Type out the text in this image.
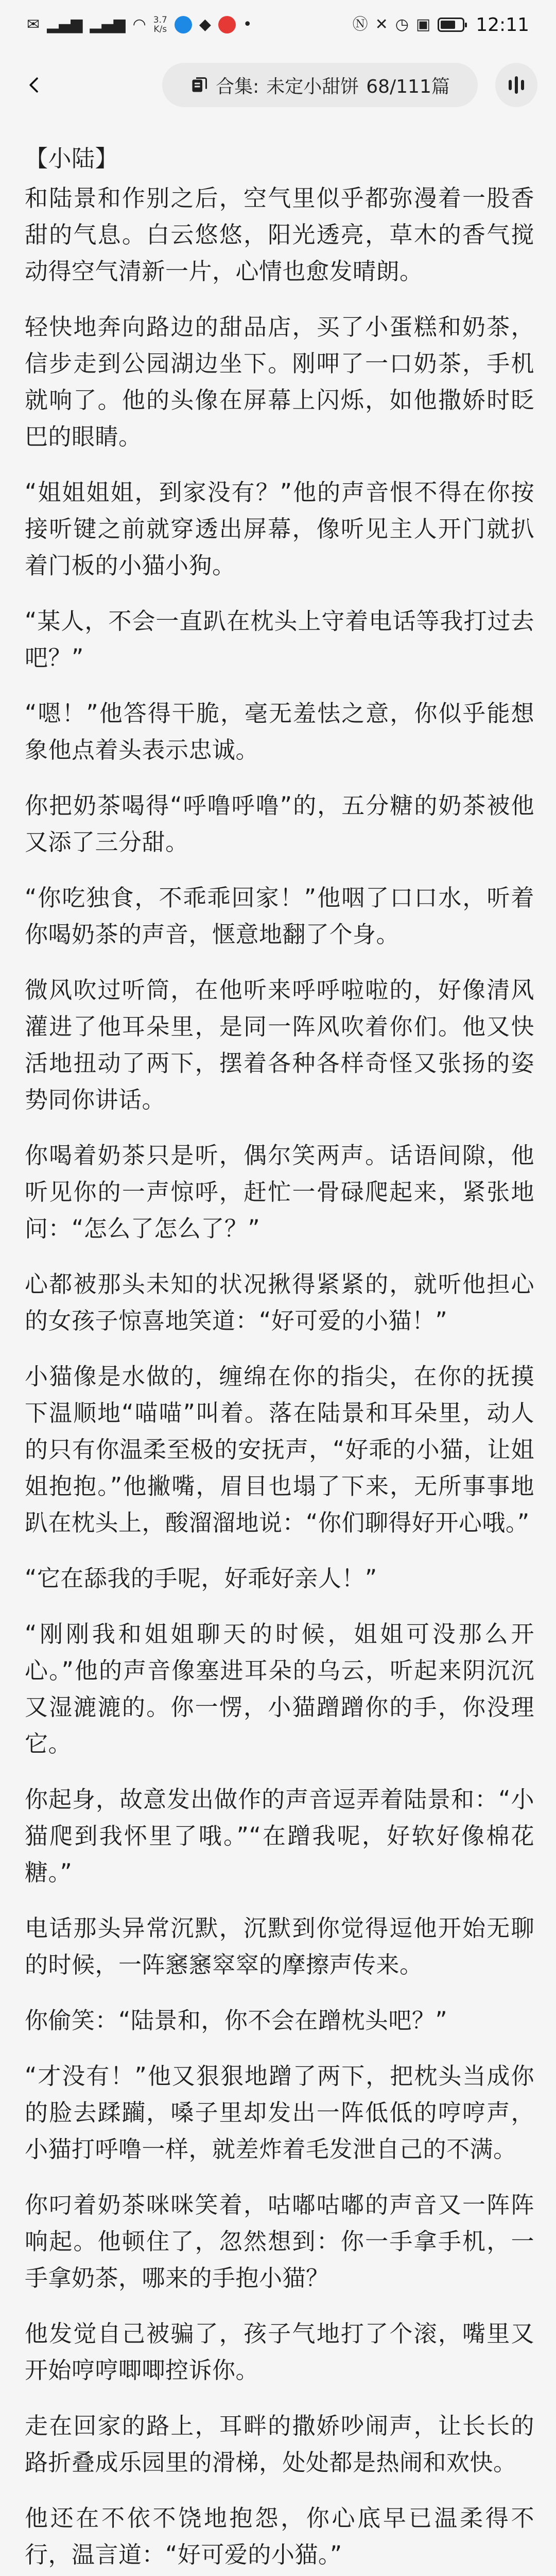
✉ ▂▄▆ ▂▄▆ ◠ 3.7
K/s ◆ •	Ⓝ ✕ ◷ ▣ 12:11
合集: 未定小甜饼 68/111篇
【小陆】

和陆景和作别之后，空气里似乎都弥漫着一股香甜的气息。白云悠悠，阳光透亮，草木的香气搅动得空气清新一片，心情也愈发晴朗。

轻快地奔向路边的甜品店，买了小蛋糕和奶茶，信步走到公园湖边坐下。刚呷了一口奶茶，手机就响了。他的头像在屏幕上闪烁，如他撒娇时眨巴的眼睛。

“姐姐姐姐，到家没有？”他的声音恨不得在你按接听键之前就穿透出屏幕，像听见主人开门就扒着门板的小猫小狗。

“某人，不会一直趴在枕头上守着电话等我打过去吧？”

“嗯！”他答得干脆，毫无羞怯之意，你似乎能想象他点着头表示忠诚。

你把奶茶喝得“呼噜呼噜”的，五分糖的奶茶被他又添了三分甜。

“你吃独食，不乖乖回家！”他咽了口口水，听着你喝奶茶的声音，惬意地翻了个身。

微风吹过听筒，在他听来呼呼啦啦的，好像清风灌进了他耳朵里，是同一阵风吹着你们。他又快活地扭动了两下，摆着各种各样奇怪又张扬的姿势同你讲话。

你喝着奶茶只是听，偶尔笑两声。话语间隙，他听见你的一声惊呼，赶忙一骨碌爬起来，紧张地问：“怎么了怎么了？”

心都被那头未知的状况揪得紧紧的，就听他担心的女孩子惊喜地笑道：“好可爱的小猫！”

小猫像是水做的，缠绵在你的指尖，在你的抚摸下温顺地“喵喵”叫着。落在陆景和耳朵里，动人的只有你温柔至极的安抚声，“好乖的小猫，让姐姐抱抱。”他撇嘴，眉目也塌了下来，无所事事地趴在枕头上，酸溜溜地说：“你们聊得好开心哦。”

“它在舔我的手呢，好乖好亲人！”

“刚刚我和姐姐聊天的时候，姐姐可没那么开心。”他的声音像塞进耳朵的乌云，听起来阴沉沉又湿漉漉的。你一愣，小猫蹭蹭你的手，你没理它。

你起身，故意发出做作的声音逗弄着陆景和：“小猫爬到我怀里了哦。”“在蹭我呢，好软好像棉花糖。”

电话那头异常沉默，沉默到你觉得逗他开始无聊的时候，一阵窸窸窣窣的摩擦声传来。

你偷笑：“陆景和，你不会在蹭枕头吧？”

“才没有！”他又狠狠地蹭了两下，把枕头当成你的脸去蹂躏，嗓子里却发出一阵低低的哼哼声，小猫打呼噜一样，就差炸着毛发泄自己的不满。

你叼着奶茶咪咪笑着，咕嘟咕嘟的声音又一阵阵响起。他顿住了，忽然想到：你一手拿手机，一手拿奶茶，哪来的手抱小猫？

他发觉自己被骗了，孩子气地打了个滚，嘴里又开始哼哼唧唧控诉你。

走在回家的路上，耳畔的撒娇吵闹声，让长长的路折叠成乐园里的滑梯，处处都是热闹和欢快。

他还在不依不饶地抱怨，你心底早已温柔得不行，温言道：“好可爱的小猫。”
